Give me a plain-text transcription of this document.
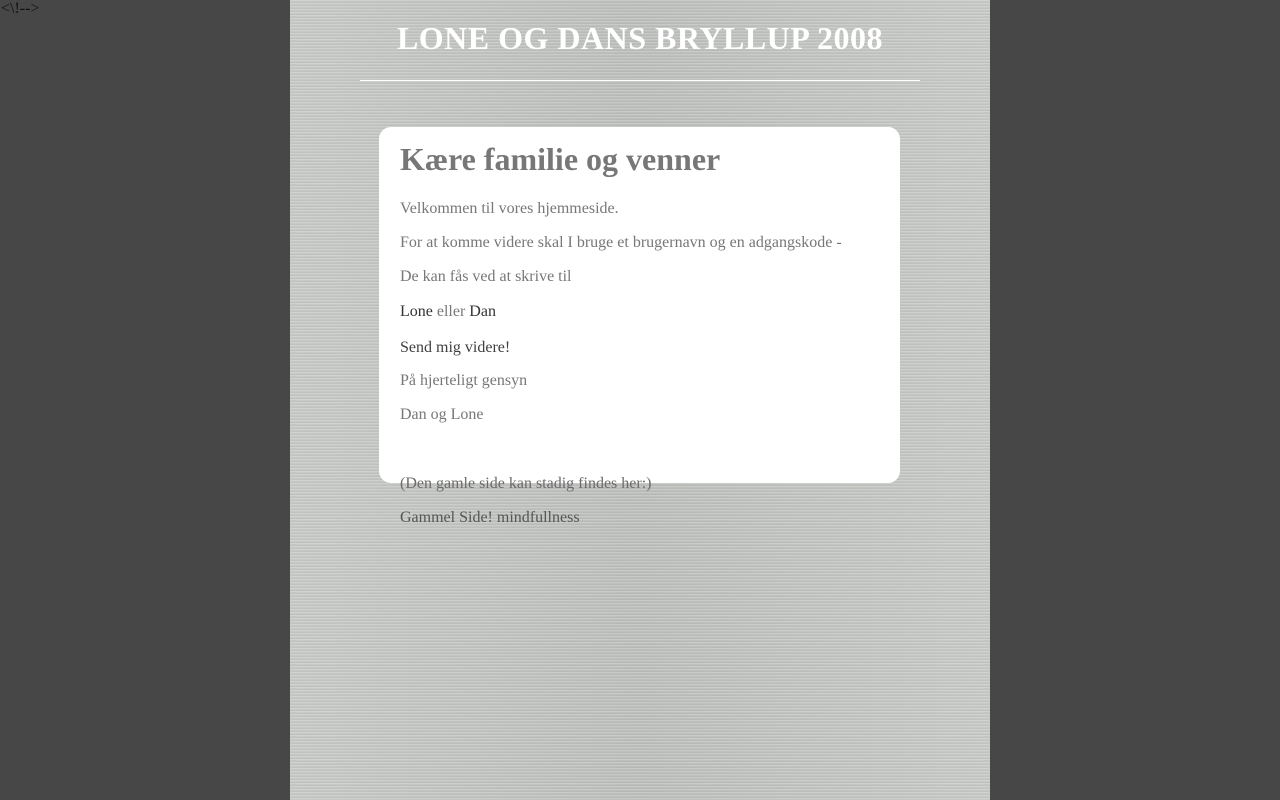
<\!-->
LONE OG DANS BRYLLUP 2008
Kære familie og venner

Velkommen til vores hjemmeside.

For at komme videre skal I bruge et brugernavn og en adgangskode -

De kan fås ved at skrive til

Lone eller Dan

Send mig videre!

På hjerteligt gensyn

Dan og Lone

(Den gamle side kan stadig findes her:)

Gammel Side! mindfullness
